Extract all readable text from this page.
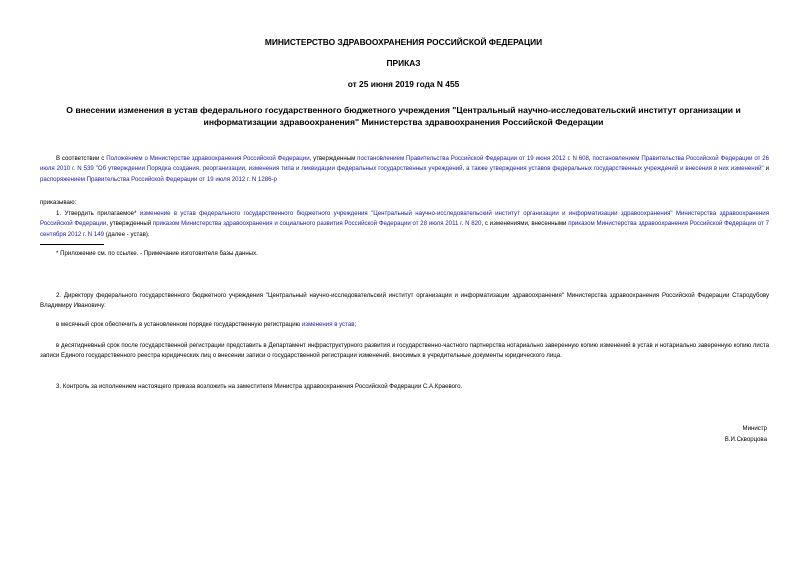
МИНИСТЕРСТВО ЗДРАВООХРАНЕНИЯ РОССИЙСКОЙ ФЕДЕРАЦИИ
ПРИКАЗ
от 25 июня 2019 года N 455
О внесении изменения в устав федерального государственного бюджетного учреждения "Центральный научно-исследовательский институт организации и информатизации здравоохранения" Министерства здравоохранения Российской Федерации
В соответствии с Положением о Министерстве здравоохранения Российской Федерации, утвержденным постановлением Правительства Российской Федерации от 19 июня 2012 г. N 608, постановлением Правительства Российской Федерации от 26 июля 2010 г. N 539 "Об утверждении Порядка создания, реорганизации, изменения типа и ликвидации федеральных государственных учреждений, а также утверждения уставов федеральных государственных учреждений и внесения в них изменений" и распоряжением Правительства Российской Федерации от 19 июля 2012 г. N 1286-р
приказываю:
1. Утвердить прилагаемое* изменение в устав федерального государственного бюджетного учреждения "Центральный научно-исследовательский институт организации и информатизации здравоохранения" Министерства здравоохранения Российской Федерации, утвержденный приказом Министерства здравоохранения и социального развития Российской Федерации от 28 июля 2011 г. N 820, с изменениями, внесенными приказом Министерства здравоохранения Российской Федерации от 7 сентября 2012 г. N 149 (далее - устав).
* Приложение см. по ссылке. - Примечание изготовителя базы данных.
2. Директору федерального государственного бюджетного учреждения "Центральный научно-исследовательский институт организации и информатизации здравоохранения" Министерства здравоохранения Российской Федерации Стародубову Владимиру Ивановичу:
в месячный срок обеспечить в установленном порядке государственную регистрацию изменения в устав;
в десятидневный срок после государственной регистрации представить в Департамент инфраструктурного развития и государственно-частного партнерства нотариально заверенную копию изменений в устав и нотариально заверенную копию листа записи Единого государственного реестра юридических лиц о внесении записи о государственной регистрации изменений, вносимых в учредительные документы юридического лица.
3. Контроль за исполнением настоящего приказа возложить на заместителя Министра здравоохранения Российской Федерации С.А.Краевого.
Министр
В.И.Скворцова
